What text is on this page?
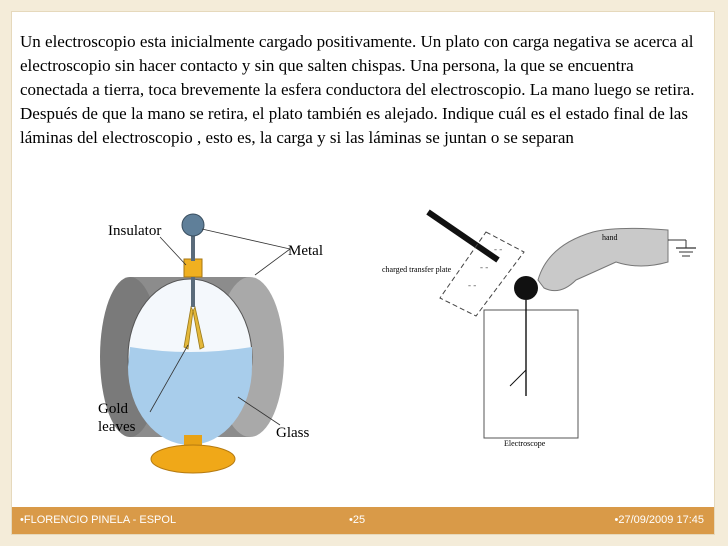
Un electroscopio esta inicialmente cargado positivamente. Un plato con carga negativa se acerca al electroscopio sin hacer contacto y sin que salten chispas. Una persona, la que se encuentra conectada a tierra, toca brevemente la esfera conductora del electroscopio. La mano luego se retira. Después de que la mano se retira, el plato también es alejado. Indique cuál es el estado final de las láminas del electroscopio , esto es, la carga y si las láminas se juntan o se separan

Insulator
Metal
Gold
leaves	Glass
- -
- -
- -
charged transfer plate
hand
Electroscope
•FLORENCIO PINELA - ESPOL	•25	•27/09/2009 17:45
